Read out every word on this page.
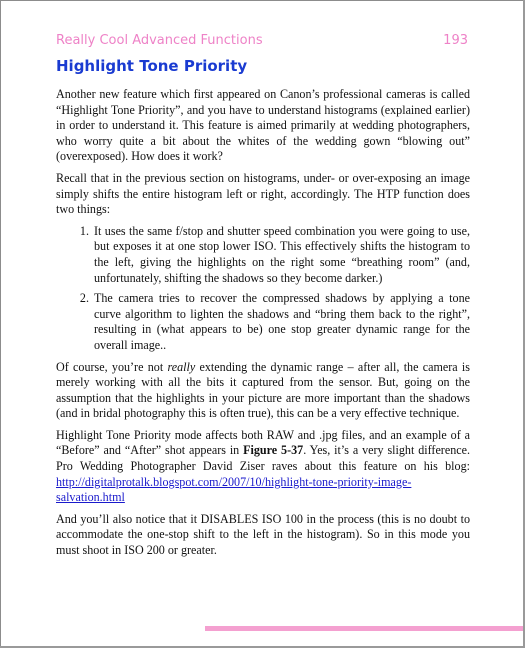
Really Cool Advanced Functions	193
Highlight Tone Priority

Another new feature which first appeared on Canon’s professional cameras is called “Highlight Tone Priority”, and you have to understand histograms (explained earlier) in order to understand it. This feature is aimed primarily at wedding photographers, who worry quite a bit about the whites of the wedding gown “blowing out” (overexposed). How does it work?

Recall that in the previous section on histograms, under- or over-exposing an image simply shifts the entire histogram left or right, accordingly. The HTP function does two things:

1. It uses the same f/stop and shutter speed combination you were going to use, but exposes it at one stop lower ISO. This effectively shifts the histogram to the left, giving the highlights on the right some “breathing room” (and, unfortunately, shifting the shadows so they become darker.)
2. The camera tries to recover the compressed shadows by applying a tone curve algorithm to lighten the shadows and “bring them back to the right”, resulting in (what appears to be) one stop greater dynamic range for the overall image..

Of course, you’re not really extending the dynamic range – after all, the camera is merely working with all the bits it captured from the sensor. But, going on the assumption that the highlights in your picture are more important than the shadows (and in bridal photography this is often true), this can be a very effective technique.

Highlight Tone Priority mode affects both RAW and .jpg files, and an example of a “Before” and “After” shot appears in Figure 5-37. Yes, it’s a very slight difference. Pro Wedding Photographer David Ziser raves about this feature on his blog: http://digitalprotalk.blogspot.com/2007/10/highlight-tone-priority-image-salvation.html

And you’ll also notice that it DISABLES ISO 100 in the process (this is no doubt to accommodate the one-stop shift to the left in the histogram). So in this mode you must shoot in ISO 200 or greater.
